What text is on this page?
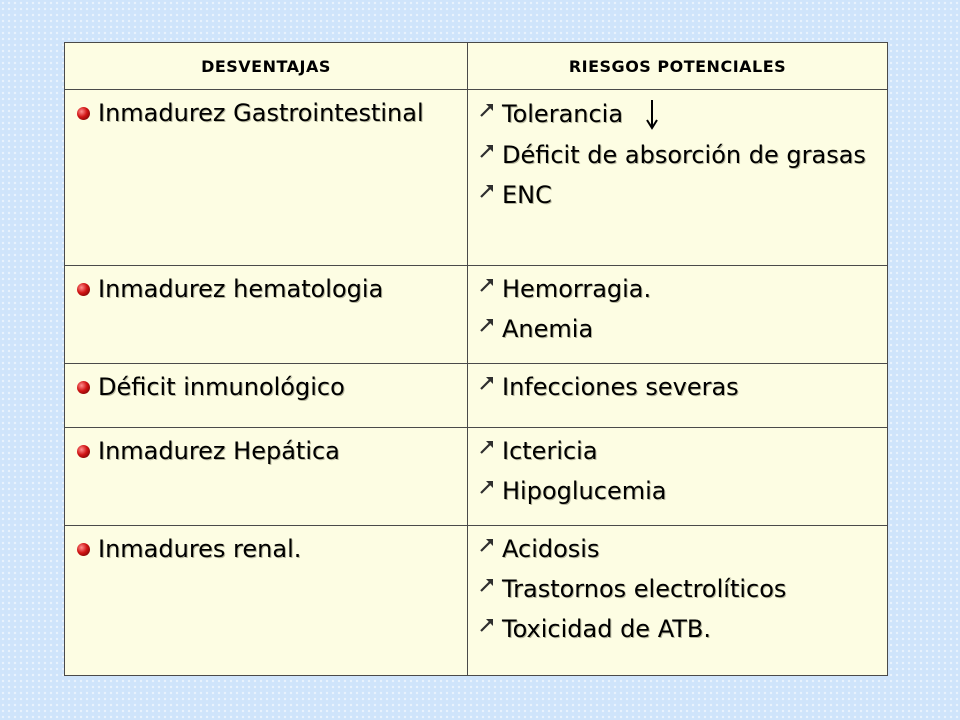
DESVENTAJAS	RIESGOS POTENCIALES

Inmadurez Gastrointestinal	Tolerancia
Déficit de absorción de grasas
ENC

Inmadurez hematologia	Hemorragia.
Anemia

Déficit inmunológico	Infecciones severas

Inmadurez Hepática	Ictericia
Hipoglucemia

Inmadures renal.	Acidosis
Trastornos electrolíticos
Toxicidad de ATB.
